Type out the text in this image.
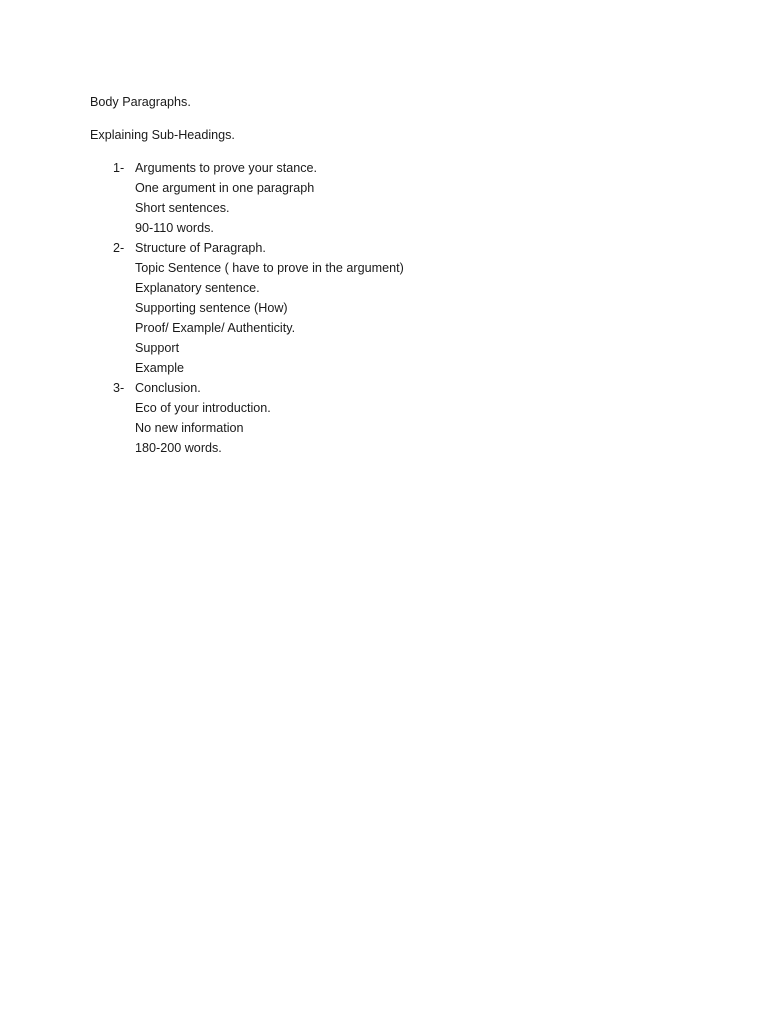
Body Paragraphs.
Explaining Sub-Headings.
1- Arguments to prove your stance.
One argument in one paragraph
Short sentences.
90-110 words.
2- Structure of Paragraph.
Topic Sentence ( have to prove in the argument)
Explanatory sentence.
Supporting sentence (How)
Proof/ Example/ Authenticity.
Support
Example
3- Conclusion.
Eco of your introduction.
No new information
180-200 words.
